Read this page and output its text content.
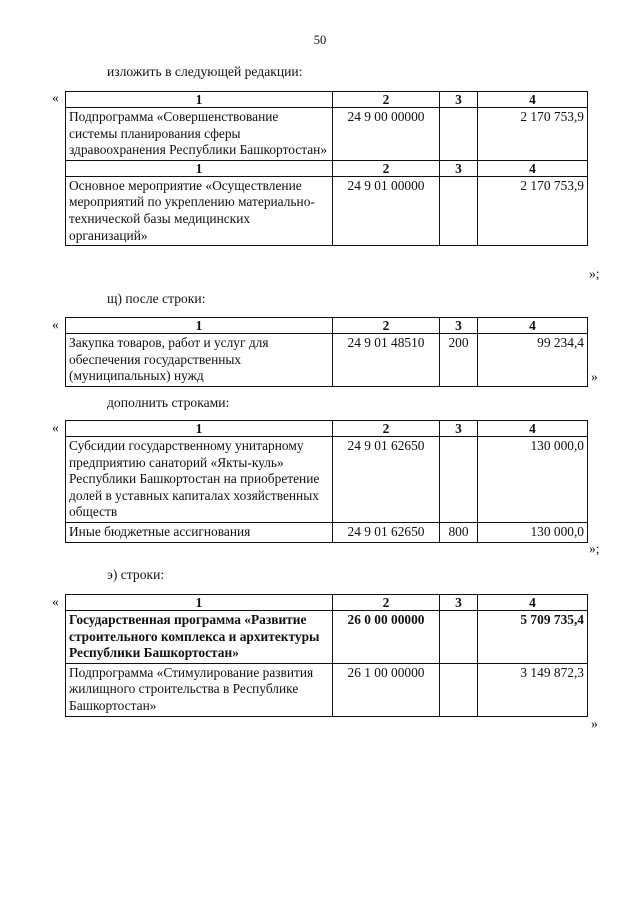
50
изложить в следующей редакции:
«	1	2	3	4
Подпрограмма «Совершенствование системы планирования сферы здравоохранения Республики Башкортостан»	24 9 00 00000		2 170 753,9
1	2	3	4
Основное мероприятие «Осуществление мероприятий по укреплению материально-технической базы медицинских организаций»	24 9 01 00000		2 170 753,9
»;
щ) после строки:
«	1	2	3	4
Закупка товаров, работ и услуг для обеспечения государственных (муниципальных) нужд	24 9 01 48510	200	99 234,4
»
дополнить строками:
«	1	2	3	4
Субсидии государственному унитарному предприятию санаторий «Якты-куль» Республики Башкортостан на приобретение долей в уставных капиталах хозяйственных обществ	24 9 01 62650		130 000,0
Иные бюджетные ассигнования	24 9 01 62650	800	130 000,0
»;
э) строки:
«	1	2	3	4
Государственная программа «Развитие строительного комплекса и архитектуры Республики Башкортостан»	26 0 00 00000		5 709 735,4
Подпрограмма «Стимулирование развития жилищного строительства в Республике Башкортостан»	26 1 00 00000		3 149 872,3
»
